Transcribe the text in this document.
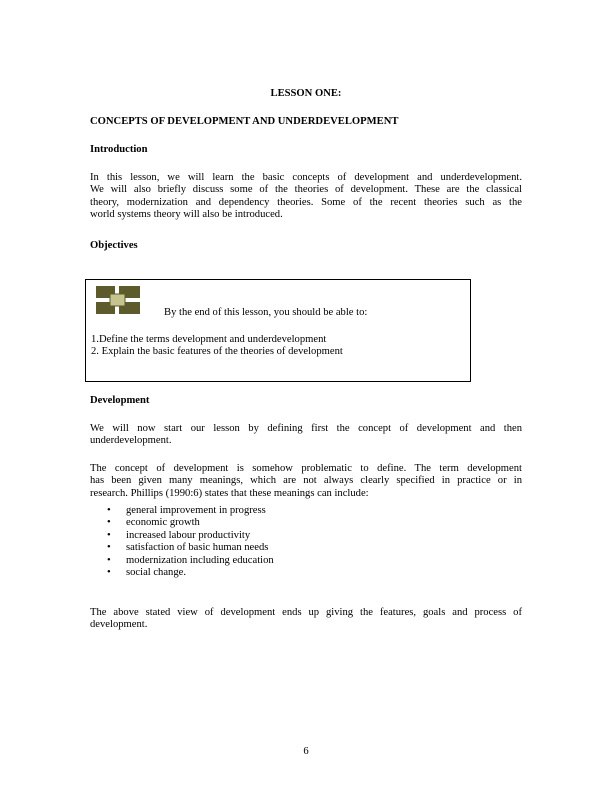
LESSON ONE:
CONCEPTS OF DEVELOPMENT AND UNDERDEVELOPMENT
Introduction
In this lesson, we will learn the basic concepts of development and underdevelopment.
We will also briefly discuss some of the theories of development. These are the classical
theory, modernization and dependency theories. Some of the recent theories such as the
world systems theory will also be introduced.
Objectives
By the end of this lesson, you should be able to:
1.Define the terms development and underdevelopment
2. Explain the basic features of the theories of development
Development
We will now start our lesson by defining first the concept of development and then
underdevelopment.
The concept of development is somehow problematic to define. The term development
has been given many meanings, which are not always clearly specified in practice or in
research. Phillips (1990:6) states that these meanings can include:
• general improvement in progress
• economic growth
• increased labour productivity
• satisfaction of basic human needs
• modernization including education
• social change.
The above stated view of development ends up giving the features, goals and process of
development.
6
